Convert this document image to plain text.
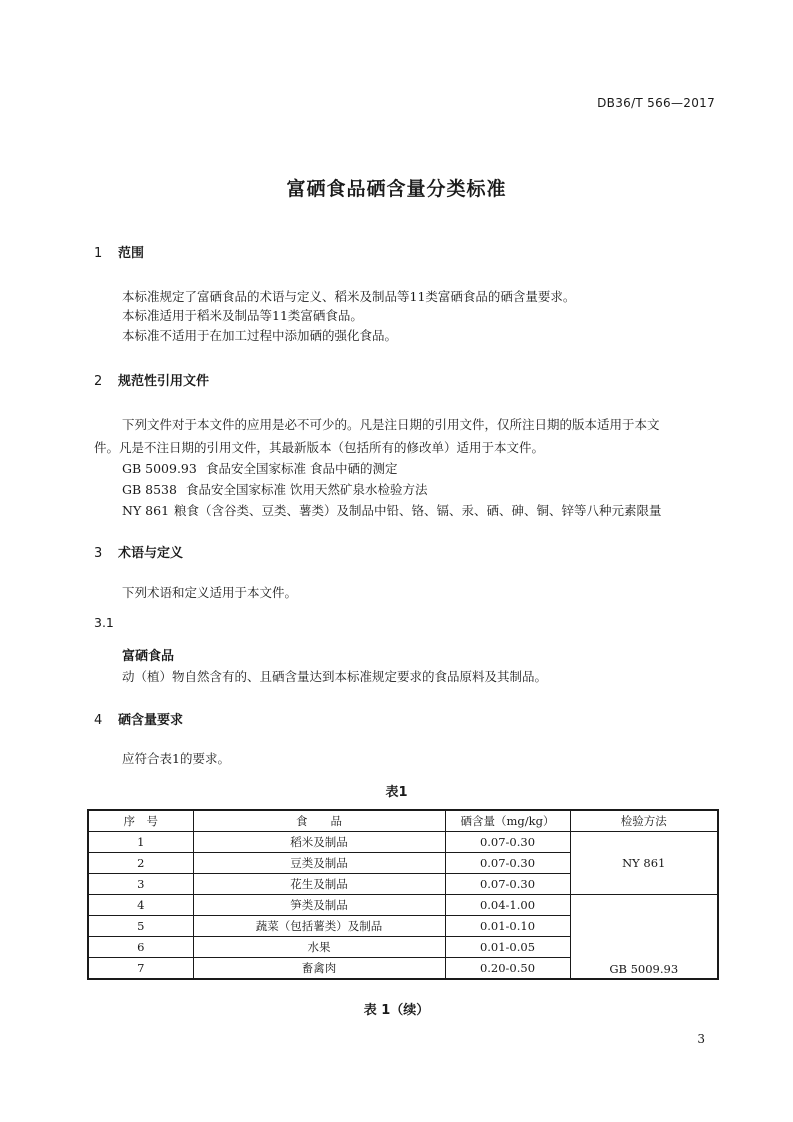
DB36/T 566—2017
富硒食品硒含量分类标准
1 范围
本标准规定了富硒食品的术语与定义、稻米及制品等11类富硒食品的硒含量要求。
本标准适用于稻米及制品等11类富硒食品。
本标准不适用于在加工过程中添加硒的强化食品。
2 规范性引用文件
下列文件对于本文件的应用是必不可少的。凡是注日期的引用文件，仅所注日期的版本适用于本文
件。凡是不注日期的引用文件，其最新版本（包括所有的修改单）适用于本文件。
GB 5009.93 食品安全国家标准 食品中硒的测定
GB 8538 食品安全国家标准 饮用天然矿泉水检验方法
NY 861 粮食（含谷类、豆类、薯类）及制品中铅、铬、镉、汞、硒、砷、铜、锌等八种元素限量
3 术语与定义
下列术语和定义适用于本文件。
3.1
富硒食品
动（植）物自然含有的、且硒含量达到本标准规定要求的食品原料及其制品。
4 硒含量要求
应符合表1的要求。
表1
序　号	食　　品	硒含量（mg/kg）	检验方法
1	稻米及制品	0.07-0.30	NY 861
2	豆类及制品	0.07-0.30	
3	花生及制品	0.07-0.30	
4	笋类及制品	0.04-1.00	GB 5009.93
5	蔬菜（包括薯类）及制品	0.01-0.10	
6	水果	0.01-0.05	
7	畜禽肉	0.20-0.50	
表 1（续）
3
